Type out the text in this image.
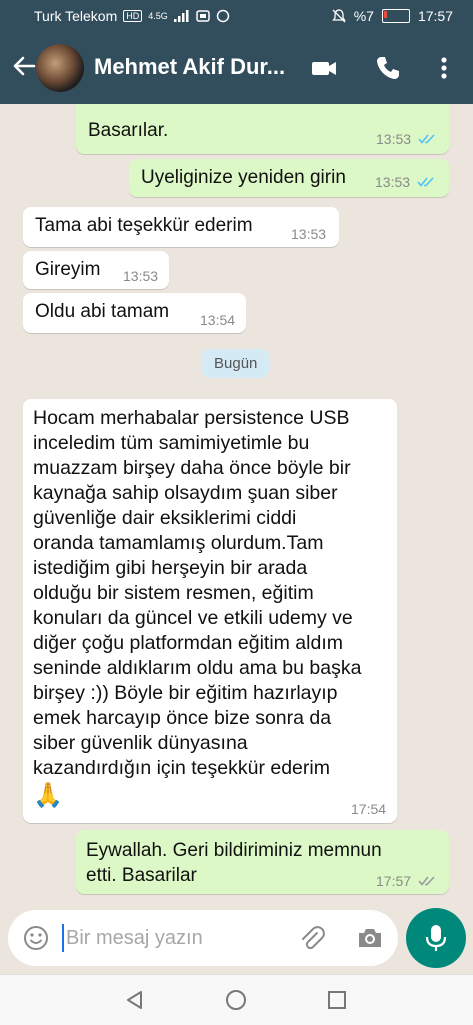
Turk Telekom	HD	4.5G	%7	17:57
Mehmet Akif Dur...
Basarılar.	13:53
Uyeliginize yeniden girin 13:53
Tama abi teşekkür ederim	13:53
Gireyim 13:53
Oldu abi tamam 13:54
Bugün
Hocam merhabalar persistence USB
inceledim tüm samimiyetimle bu
muazzam birşey daha önce böyle bir
kaynağa sahip olsaydım şuan siber
güvenliğe dair eksiklerimi ciddi
oranda tamamlamış olurdum.Tam
istediğim gibi herşeyin bir arada
olduğu bir sistem resmen, eğitim
konuları da güncel ve etkili udemy ve
diğer çoğu platformdan eğitim aldım
seninde aldıklarım oldu ama bu başka
birşey :)) Böyle bir eğitim hazırlayıp
emek harcayıp önce bize sonra da
siber güvenlik dünyasına
kazandırdığın için teşekkür ederim
🙏	17:54
Eywallah. Geri bildiriminiz memnun
etti. Basarilar	17:57
Bir mesaj yazın
